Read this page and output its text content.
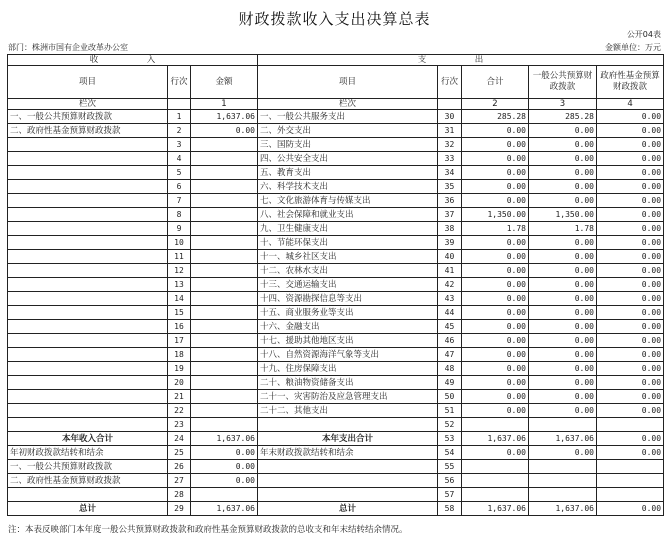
财政拨款收入支出决算总表
公开04表
部门：株洲市国有企业改革办公室	金额单位：万元
收　入			支　出				
项目	行次	金额	项目	行次	合计	一般公共预算财政拨款	政府性基金预算财政拨款
栏次		1	栏次		2	3	4
一、一般公共预算财政拨款	1	1,637.06	一、一般公共服务支出	30	285.28	285.28	0.00
二、政府性基金预算财政拨款	2	0.00	二、外交支出	31	0.00	0.00	0.00
	3		三、国防支出	32	0.00	0.00	0.00
	4		四、公共安全支出	33	0.00	0.00	0.00
	5		五、教育支出	34	0.00	0.00	0.00
	6		六、科学技术支出	35	0.00	0.00	0.00
	7		七、文化旅游体育与传媒支出	36	0.00	0.00	0.00
	8		八、社会保障和就业支出	37	1,350.00	1,350.00	0.00
	9		九、卫生健康支出	38	1.78	1.78	0.00
	10		十、节能环保支出	39	0.00	0.00	0.00
	11		十一、城乡社区支出	40	0.00	0.00	0.00
	12		十二、农林水支出	41	0.00	0.00	0.00
	13		十三、交通运输支出	42	0.00	0.00	0.00
	14		十四、资源勘探信息等支出	43	0.00	0.00	0.00
	15		十五、商业服务业等支出	44	0.00	0.00	0.00
	16		十六、金融支出	45	0.00	0.00	0.00
	17		十七、援助其他地区支出	46	0.00	0.00	0.00
	18		十八、自然资源海洋气象等支出	47	0.00	0.00	0.00
	19		十九、住房保障支出	48	0.00	0.00	0.00
	20		二十、粮油物资储备支出	49	0.00	0.00	0.00
	21		二十一、灾害防治及应急管理支出	50	0.00	0.00	0.00
	22		二十二、其他支出	51	0.00	0.00	0.00
	23			52			
本年收入合计	24	1,637.06	本年支出合计	53	1,637.06	1,637.06	0.00
年初财政拨款结转和结余	25	0.00	年末财政拨款结转和结余	54	0.00	0.00	0.00
一、一般公共预算财政拨款	26	0.00		55			
二、政府性基金预算财政拨款	27	0.00		56			
	28			57			
总计	29	1,637.06	总计	58	1,637.06	1,637.06	0.00
注：本表反映部门本年度一般公共预算财政拨款和政府性基金预算财政拨款的总收支和年末结转结余情况。
